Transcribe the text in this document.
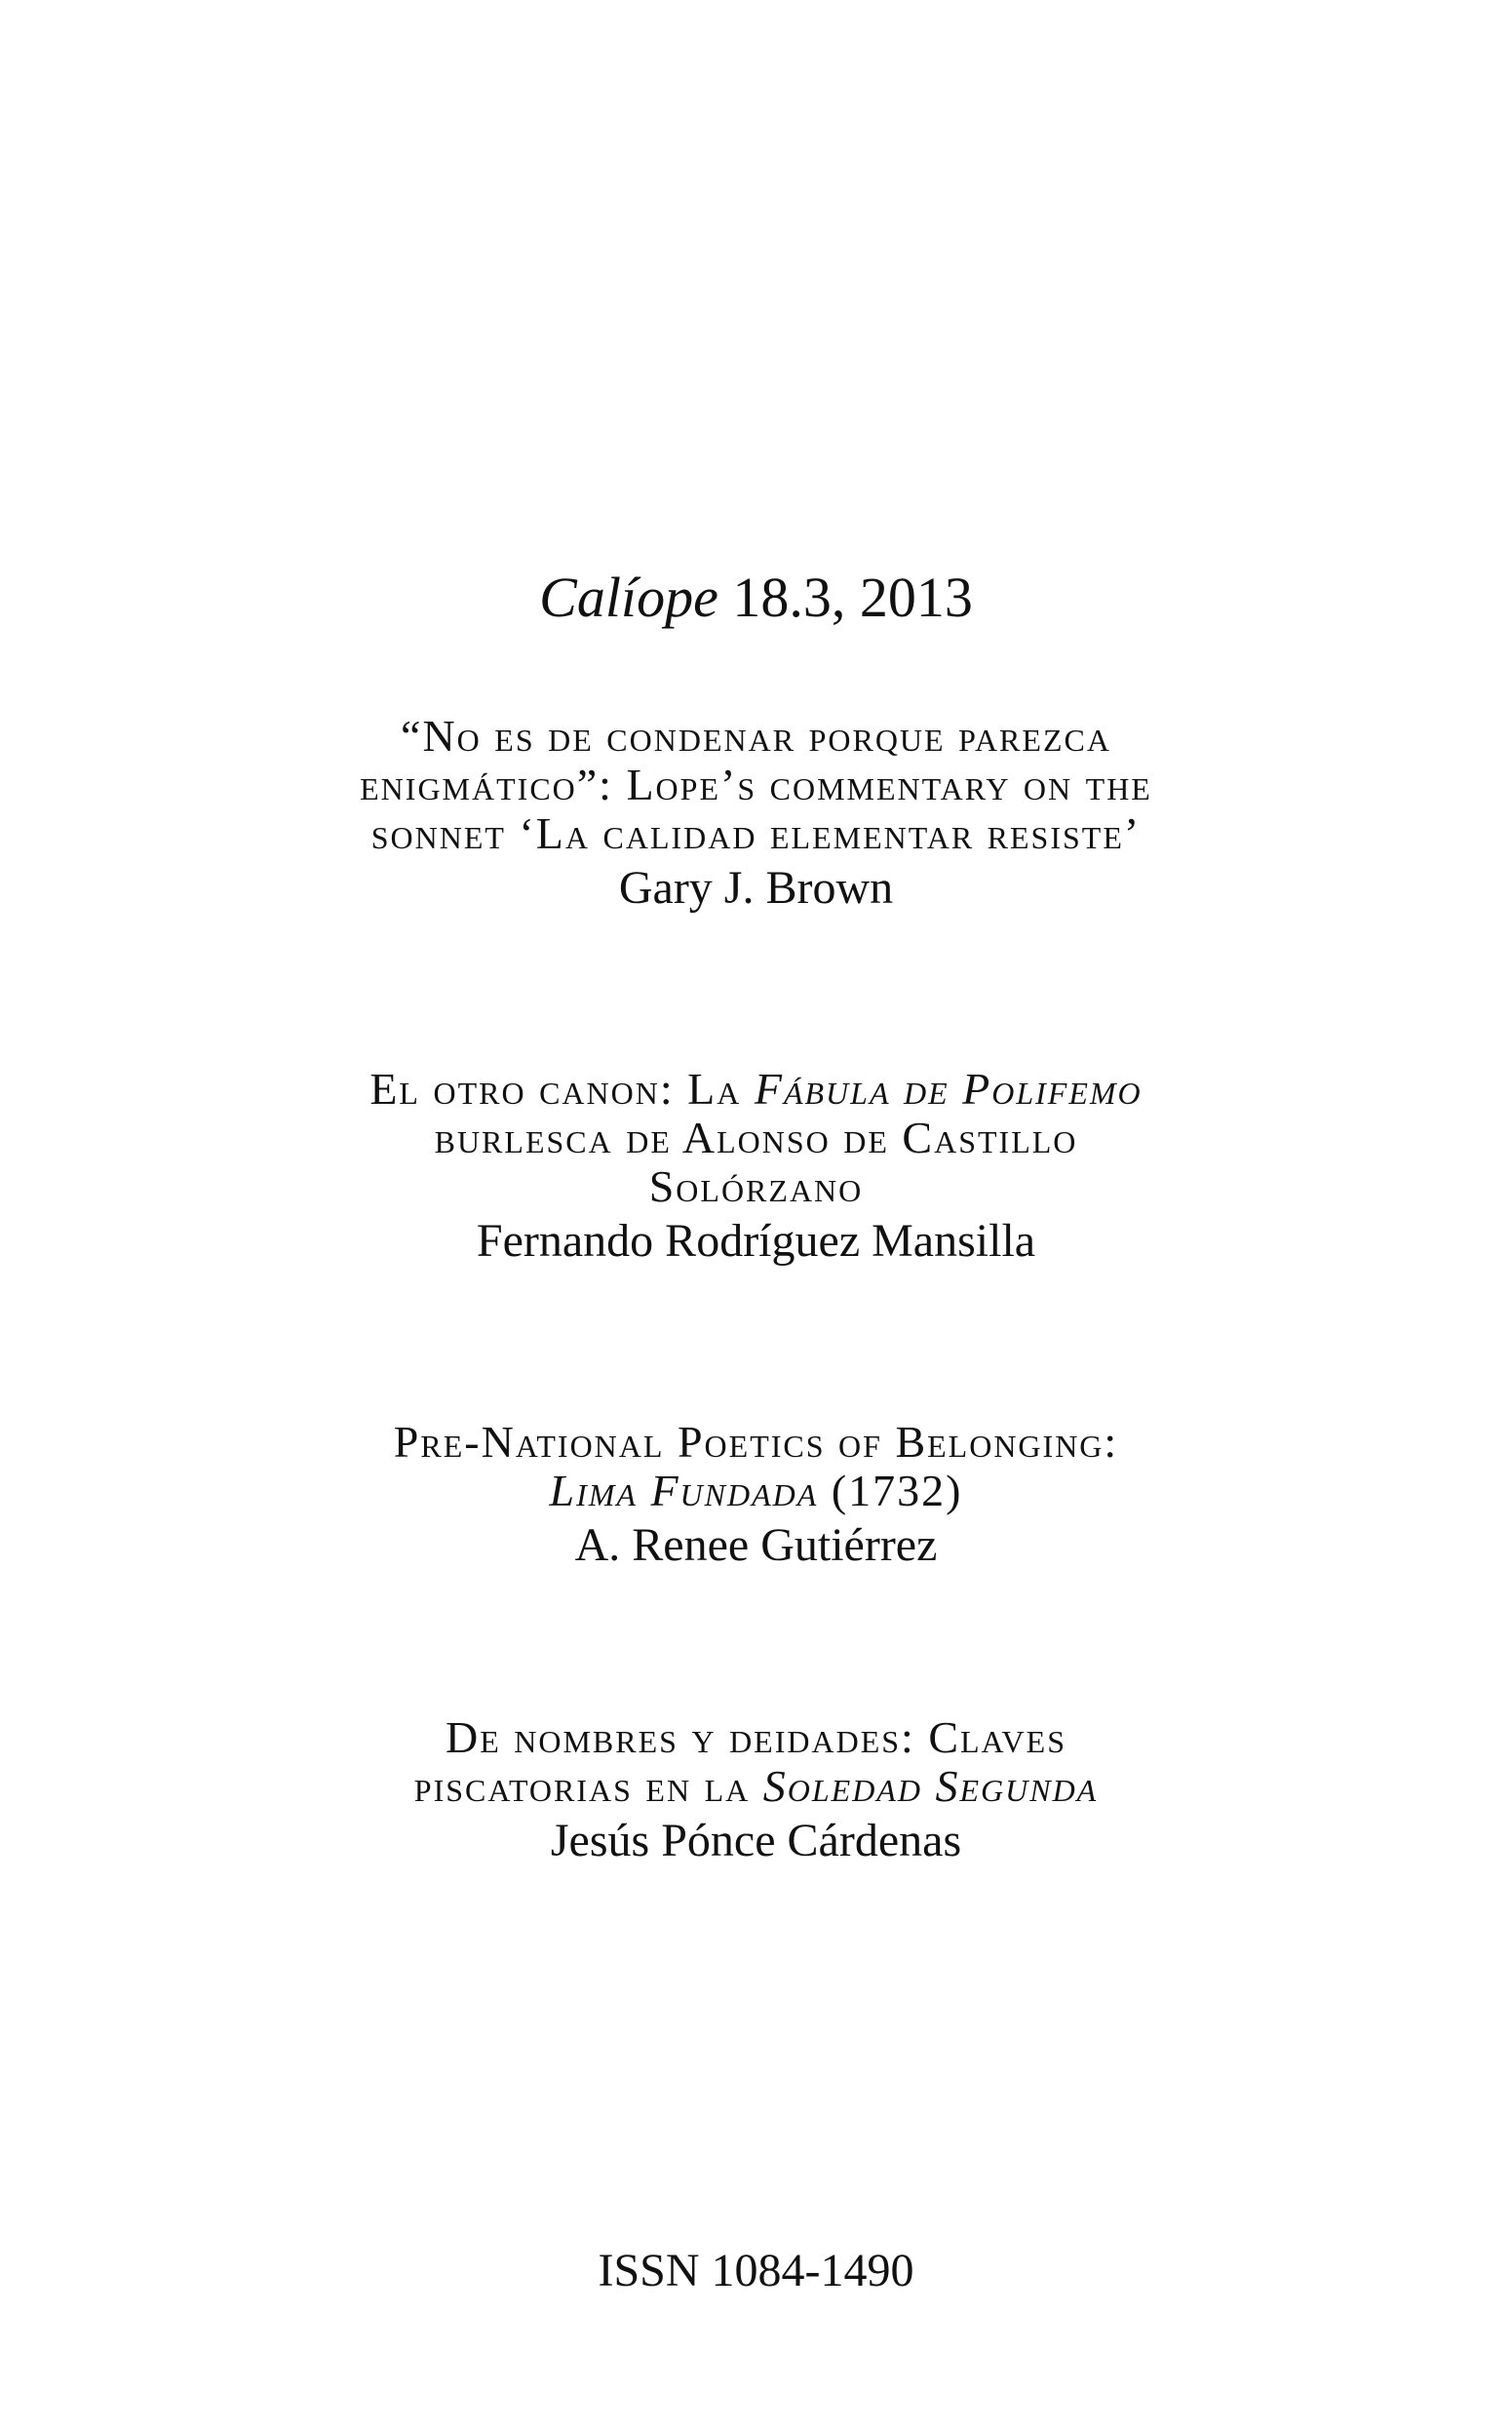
Calíope 18.3, 2013
“No es de condenar porque parezca
enigmático”: Lope’s commentary on the
sonnet ‘La calidad elementar resiste’
Gary J. Brown
El otro canon: La Fábula de Polifemo
burlesca de Alonso de Castillo
Solórzano
Fernando Rodríguez Mansilla
Pre-National Poetics of Belonging:
Lima Fundada (1732)
A. Renee Gutiérrez
De nombres y deidades: Claves
piscatorias en la Soledad Segunda
Jesús Pónce Cárdenas
ISSN 1084-1490
